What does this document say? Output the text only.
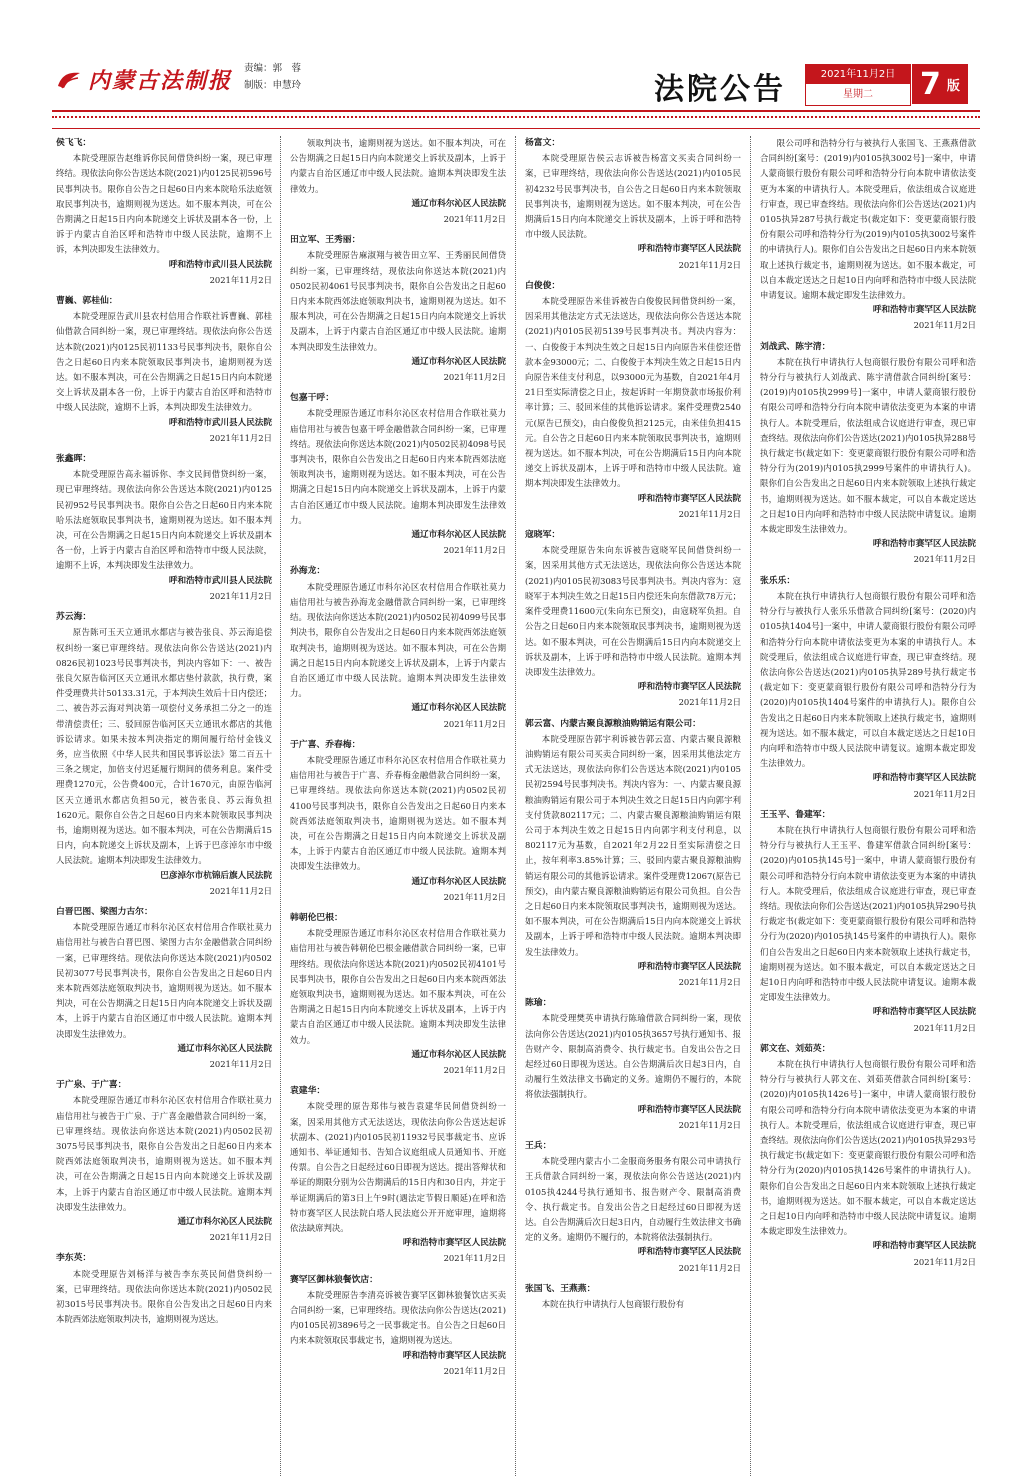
内蒙古法制报 责编：郭　蓉
制版：申慧玲	法院公告	2021年11月2日
星期二	7 版

侯飞飞：

本院受理原告赵维诉你民间借贷纠纷一案，现已审理终结。现依法向你公告送达本院(2021)内0125民初596号民事判决书。限你自公告之日起60日内来本院哈乐法庭领取民事判决书，逾期则视为送达。如不服本判决，可在公告期满之日起15日内向本院递交上诉状及副本各一份，上诉于内蒙古自治区呼和浩特市中级人民法院，逾期不上诉，本判决即发生法律效力。

呼和浩特市武川县人民法院

2021年11月2日

曹巍、郭桂仙：

本院受理原告武川县农村信用合作联社诉曹巍、郭桂仙借款合同纠纷一案，现已审理终结。现依法向你公告送达本院(2021)内0125民初1133号民事判决书，限你自公告之日起60日内来本院领取民事判决书，逾期则视为送达。如不服本判决，可在公告期满之日起15日内向本院递交上诉状及副本各一份，上诉于内蒙古自治区呼和浩特市中级人民法院，逾期不上诉，本判决即发生法律效力。

呼和浩特市武川县人民法院

2021年11月2日

张鑫晖：

本院受理原告高永福诉你、李文民间借贷纠纷一案，现已审理终结。现依法向你公告送达本院(2021)内0125民初952号民事判决书。限你自公告之日起60日内来本院哈乐法庭领取民事判决书，逾期则视为送达。如不服本判决，可在公告期满之日起15日内向本院递交上诉状及副本各一份，上诉于内蒙古自治区呼和浩特市中级人民法院，逾期不上诉，本判决即发生法律效力。

呼和浩特市武川县人民法院

2021年11月2日

苏云海：

原告陈可玉天立通讯水都店与被告张良、苏云海追偿权纠纷一案已审理终结。现依法向你公告送达(2021)内0826民初1023号民事判决书，判决内容如下：一、被告张良欠原告临河区天立通讯水都店垫付款款，执行费，案件受理费共计50133.31元，于本判决生效后十日内偿还；二、被告苏云海对判决第一项偿付义务承担二分之一的连带清偿责任；三、驳回原告临河区天立通讯水都店的其他诉讼请求。如果未按本判决指定的期间履行给付金钱义务，应当依照《中华人民共和国民事诉讼法》第二百五十三条之规定，加倍支付迟延履行期间的债务利息。案件受理费1270元，公告费400元，合计1670元，由原告临河区天立通讯水都店负担50元，被告张良、苏云海负担1620元。限你自公告之日起60日内来本院领取民事判决书，逾期则视为送达。如不服本判决，可在公告期满后15日内，向本院递交上诉状及副本，上诉于巴彦淖尔市中级人民法院。逾期本判决即发生法律效力。

巴彦淖尔市杭锦后旗人民法院

2021年11月2日

白晋巴图、梁图力古尔：

本院受理原告通辽市科尔沁区农村信用合作联社莫力庙信用社与被告白晋巴图、梁图力古尔金融借款合同纠纷一案，已审理终结。现依法向你送达本院(2021)内0502民初3077号民事判决书，限你自公告发出之日起60日内来本院西郊法庭领取判决书，逾期则视为送达。如不服本判决，可在公告期满之日起15日内向本院递交上诉状及副本，上诉于内蒙古自治区通辽市中级人民法院。逾期本判决即发生法律效力。

通辽市科尔沁区人民法院

2021年11月2日

于广泉、于广喜：

本院受理原告通辽市科尔沁区农村信用合作联社莫力庙信用社与被告于广泉、于广喜金融借款合同纠纷一案，已审理终结。现依法向你送达本院(2021)内0502民初3075号民事判决书，限你自公告发出之日起60日内来本院西郊法庭领取判决书，逾期则视为送达。如不服本判决，可在公告期满之日起15日内向本院递交上诉状及副本，上诉于内蒙古自治区通辽市中级人民法院。逾期本判决即发生法律效力。

通辽市科尔沁区人民法院

2021年11月2日

李东英：

本院受理原告刘杨洋与被告李东英民间借贷纠纷一案，已审理终结。现依法向你送达本院(2021)内0502民初3015号民事判决书。限你自公告发出之日起60日内来本院西郊法庭领取判决书，逾期则视为送达。

领取判决书，逾期则视为送达。如不服本判决，可在公告期满之日起15日内向本院递交上诉状及副本，上诉于内蒙古自治区通辽市中级人民法院。逾期本判决即发生法律效力。

通辽市科尔沁区人民法院

2021年11月2日

田立军、王秀丽：

本院受理原告麻淑翔与被告田立军、王秀丽民间借贷纠纷一案，已审理终结，现依法向你送达本院(2021)内0502民初4061号民事判决书，限你自公告发出之日起60日内来本院西郊法庭领取判决书，逾期则视为送达。如不服本判决，可在公告期满之日起15日内向本院递交上诉状及副本，上诉于内蒙古自治区通辽市中级人民法院。逾期本判决即发生法律效力。

通辽市科尔沁区人民法院

2021年11月2日

包嘉干呼：

本院受理原告通辽市科尔沁区农村信用合作联社莫力庙信用社与被告包嘉干呼金融借款合同纠纷一案，已审理终结。现依法向你送达本院(2021)内0502民初4098号民事判决书，限你自公告发出之日起60日内来本院西郊法庭领取判决书，逾期则视为送达。如不服本判决，可在公告期满之日起15日内向本院递交上诉状及副本，上诉于内蒙古自治区通辽市中级人民法院。逾期本判决即发生法律效力。

通辽市科尔沁区人民法院

2021年11月2日

孙海龙：

本院受理原告通辽市科尔沁区农村信用合作联社莫力庙信用社与被告孙海龙金融借款合同纠纷一案，已审理终结。现依法向你送达本院(2021)内0502民初4099号民事判决书，限你自公告发出之日起60日内来本院西郊法庭领取判决书，逾期则视为送达。如不服本判决，可在公告期满之日起15日内向本院递交上诉状及副本，上诉于内蒙古自治区通辽市中级人民法院。逾期本判决即发生法律效力。

通辽市科尔沁区人民法院

2021年11月2日

于广喜、乔春梅：

本院受理原告通辽市科尔沁区农村信用合作联社莫力庙信用社与被告于广喜、乔春梅金融借款合同纠纷一案，已审理终结。现依法向你送达本院(2021)内0502民初4100号民事判决书，限你自公告发出之日起60日内来本院西郊法庭领取判决书，逾期则视为送达。如不服本判决，可在公告期满之日起15日内向本院递交上诉状及副本，上诉于内蒙古自治区通辽市中级人民法院。逾期本判决即发生法律效力。

通辽市科尔沁区人民法院

2021年11月2日

韩朝伦巴根：

本院受理原告通辽市科尔沁区农村信用合作联社莫力庙信用社与被告韩朝伦巴根金融借款合同纠纷一案，已审理终结。现依法向你送达本院(2021)内0502民初4101号民事判决书，限你自公告发出之日起60日内来本院西郊法庭领取判决书，逾期则视为送达。如不服本判决，可在公告期满之日起15日内向本院递交上诉状及副本，上诉于内蒙古自治区通辽市中级人民法院。逾期本判决即发生法律效力。

通辽市科尔沁区人民法院

2021年11月2日

袁建华：

本院受理的原告郑伟与被告袁建华民间借贷纠纷一案，因采用其他方式无法送达，现依法向你公告送达起诉状副本、(2021)内0105民初11932号民事裁定书、应诉通知书、举证通知书、告知合议庭组成人员通知书、开庭传票。自公告之日起经过60日即视为送达。提出答辩状和举证的期限分别为公告期满后的15日内和30日内，并定于举证期满后的第3日上午9时(遇法定节假日顺延)在呼和浩特市赛罕区人民法院白塔人民法庭公开开庭审理，逾期将依法缺席判决。

呼和浩特市赛罕区人民法院

2021年11月2日

赛罕区御林狼餐饮店：

本院受理原告李清亮诉被告赛罕区御林狼餐饮店买卖合同纠纷一案，已审理终结。现依法向你公告送达(2021)内0105民初3896号之一民事裁定书。自公告之日起60日内来本院领取民事裁定书，逾期则视为送达。

呼和浩特市赛罕区人民法院

2021年11月2日

杨富文：

本院受理原告侯云志诉被告杨富文买卖合同纠纷一案，已审理终结，现依法向你公告送达(2021)内0105民初4232号民事判决书，自公告之日起60日内来本院领取民事判决书，逾期则视为送达。如不服本判决，可在公告期满后15日内向本院递交上诉状及副本，上诉于呼和浩特市中级人民法院。

呼和浩特市赛罕区人民法院

2021年11月2日

白俊俊：

本院受理原告米佳诉被告白俊俊民间借贷纠纷一案，因采用其他法定方式无法送达，现依法向你公告送达本院(2021)内0105民初5139号民事判决书。判决内容为：一、白俊俊于本判决生效之日起15日内向原告米佳偿还借款本金93000元；二、白俊俊于本判决生效之日起15日内向原告米佳支付利息，以93000元为基数，自2021年4月21日至实际清偿之日止，按起诉时一年期贷款市场报价利率计算；三、驳回米佳的其他诉讼请求。案件受理费2540元(原告已预交)，由白俊俊负担2125元，由米佳负担415元。自公告之日起60日内来本院领取民事判决书，逾期则视为送达。如不服本判决，可在公告期满后15日内向本院递交上诉状及副本，上诉于呼和浩特市中级人民法院。逾期本判决即发生法律效力。

呼和浩特市赛罕区人民法院

2021年11月2日

寇晓军：

本院受理原告朱向东诉被告寇晓军民间借贷纠纷一案，因采用其他方式无法送达，现依法向你公告送达本院(2021)内0105民初3083号民事判决书。判决内容为：寇晓军于本判决生效之日起15日内偿还朱向东借款78万元；案件受理费11600元(朱向东已预交)，由寇晓军负担。自公告之日起60日内来本院领取民事判决书，逾期则视为送达。如不服本判决，可在公告期满后15日内向本院递交上诉状及副本，上诉于呼和浩特市中级人民法院。逾期本判决即发生法律效力。

呼和浩特市赛罕区人民法院

2021年11月2日

郭云富、内蒙古聚良源粮油购销运有限公司：

本院受理原告郭宇利诉被告郭云富、内蒙古聚良源粮油购销运有限公司买卖合同纠纷一案，因采用其他法定方式无法送达，现依法向你们公告送达本院(2021)内0105民初2594号民事判决书。判决内容为：一、内蒙古聚良源粮油购销运有限公司于本判决生效之日起15日内向郭宇利支付货款802117元；二、内蒙古聚良源粮油购销运有限公司于本判决生效之日起15日内向郭宇利支付利息，以802117元为基数，自2021年2月22日至实际清偿之日止，按年利率3.85%计算；三、驳回内蒙古聚良源粮油购销运有限公司的其他诉讼请求。案件受理费12067(原告已预交)，由内蒙古聚良源粮油购销运有限公司负担。自公告之日起60日内来本院领取民事判决书，逾期则视为送达。如不服本判决，可在公告期满后15日内向本院递交上诉状及副本，上诉于呼和浩特市中级人民法院。逾期本判决即发生法律效力。

呼和浩特市赛罕区人民法院

2021年11月2日

陈瑜：

本院受理樊英申请执行陈瑜借款合同纠纷一案，现依法向你公告送达(2021)内0105执3657号执行通知书、报告财产令、限制高消费令、执行裁定书。自发出公告之日起经过60日即视为送达。自公告期满后次日起3日内，自动履行生效法律文书确定的义务。逾期仍不履行的，本院将依法强制执行。

呼和浩特市赛罕区人民法院

2021年11月2日

王兵：

本院受理内蒙古小二金服商务服务有限公司申请执行王兵借款合同纠纷一案，现依法向你公告送达(2021)内0105执4244号执行通知书、报告财产令、限制高消费令、执行裁定书。自发出公告之日起经过60日即视为送达。自公告期满后次日起3日内，自动履行生效法律文书确定的义务。逾期仍不履行的，本院将依法强制执行。

呼和浩特市赛罕区人民法院

2021年11月2日

张国飞、王燕燕：

本院在执行申请执行人包商银行股份有

限公司呼和浩特分行与被执行人张国飞、王燕燕借款合同纠纷[案号：(2019)内0105执3002号]一案中，申请人蒙商银行股份有限公司呼和浩特分行向本院申请依法变更为本案的申请执行人。本院受理后，依法组成合议庭进行审查，现已审查终结。现依法向你们公告送达(2021)内0105执异287号执行裁定书(裁定如下：变更蒙商银行股份有限公司呼和浩特分行为(2019)内0105执3002号案件的申请执行人)。限你们自公告发出之日起60日内来本院领取上述执行裁定书，逾期则视为送达。如不服本裁定，可以自本裁定送达之日起10日内向呼和浩特市中级人民法院申请复议。逾期本裁定即发生法律效力。

呼和浩特市赛罕区人民法院

2021年11月2日

刘战武、陈宇清：

本院在执行申请执行人包商银行股份有限公司呼和浩特分行与被执行人刘战武、陈宇清借款合同纠纷[案号：(2019)内0105执2999号]一案中，申请人蒙商银行股份有限公司呼和浩特分行向本院申请依法变更为本案的申请执行人。本院受理后，依法组成合议庭进行审查，现已审查终结。现依法向你们公告送达(2021)内0105执异288号执行裁定书(裁定如下：变更蒙商银行股份有限公司呼和浩特分行为(2019)内0105执2999号案件的申请执行人)。限你们自公告发出之日起60日内来本院领取上述执行裁定书，逾期则视为送达。如不服本裁定，可以自本裁定送达之日起10日内向呼和浩特市中级人民法院申请复议。逾期本裁定即发生法律效力。

呼和浩特市赛罕区人民法院

2021年11月2日

张乐乐：

本院在执行申请执行人包商银行股份有限公司呼和浩特分行与被执行人张乐乐借款合同纠纷[案号：(2020)内0105执1404号]一案中，申请人蒙商银行股份有限公司呼和浩特分行向本院申请依法变更为本案的申请执行人。本院受理后，依法组成合议庭进行审查，现已审查终结。现依法向你公告送达(2021)内0105执异289号执行裁定书(裁定如下：变更蒙商银行股份有限公司呼和浩特分行为(2020)内0105执1404号案件的申请执行人)。限你自公告发出之日起60日内来本院领取上述执行裁定书，逾期则视为送达。如不服本裁定，可以自本裁定送达之日起10日内向呼和浩特市中级人民法院申请复议。逾期本裁定即发生法律效力。

呼和浩特市赛罕区人民法院

2021年11月2日

王玉平、鲁建军：

本院在执行申请执行人包商银行股份有限公司呼和浩特分行与被执行人王玉平、鲁建军借款合同纠纷[案号：(2020)内0105执145号]一案中，申请人蒙商银行股份有限公司呼和浩特分行向本院申请依法变更为本案的申请执行人。本院受理后，依法组成合议庭进行审查，现已审查终结。现依法向你们公告送达(2021)内0105执异290号执行裁定书(裁定如下：变更蒙商银行股份有限公司呼和浩特分行为(2020)内0105执145号案件的申请执行人)。限你们自公告发出之日起60日内来本院领取上述执行裁定书，逾期则视为送达。如不服本裁定，可以自本裁定送达之日起10日内向呼和浩特市中级人民法院申请复议。逾期本裁定即发生法律效力。

呼和浩特市赛罕区人民法院

2021年11月2日

郭文在、刘茹英：

本院在执行申请执行人包商银行股份有限公司呼和浩特分行与被执行人郭文在、刘茹英借款合同纠纷[案号：(2020)内0105执1426号]一案中，申请人蒙商银行股份有限公司呼和浩特分行向本院申请依法变更为本案的申请执行人。本院受理后，依法组成合议庭进行审查，现已审查终结。现依法向你们公告送达(2021)内0105执异293号执行裁定书(裁定如下：变更蒙商银行股份有限公司呼和浩特分行为(2020)内0105执1426号案件的申请执行人)。限你们自公告发出之日起60日内来本院领取上述执行裁定书，逾期则视为送达。如不服本裁定，可以自本裁定送达之日起10日内向呼和浩特市中级人民法院申请复议。逾期本裁定即发生法律效力。

呼和浩特市赛罕区人民法院

2021年11月2日
